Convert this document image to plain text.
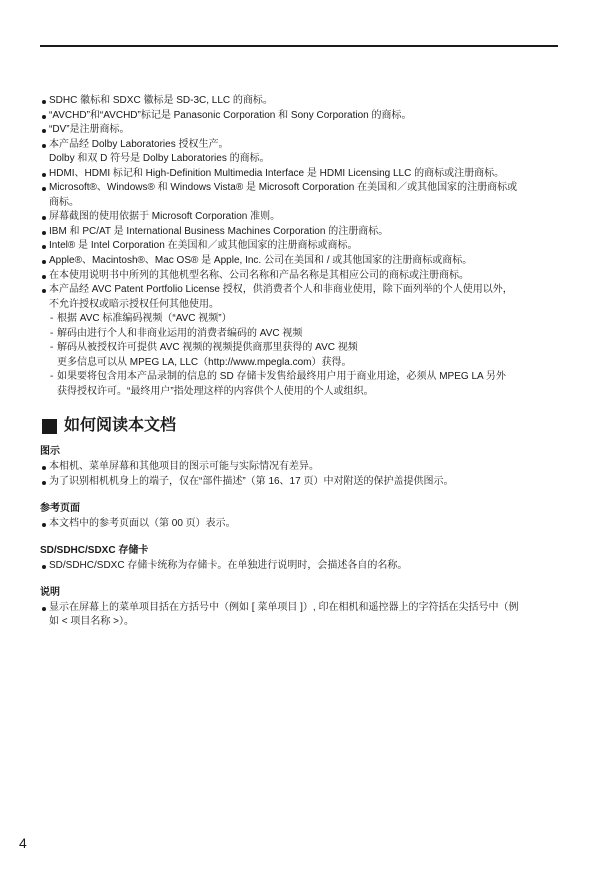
SDHC 徽标和 SDXC 徽标是 SD-3C, LLC 的商标。
“AVCHD”和“AVCHD”标记是 Panasonic Corporation 和 Sony Corporation 的商标。
“DV”是注册商标。
本产品经 Dolby Laboratories 授权生产。
Dolby 和双 D 符号是 Dolby Laboratories 的商标。
HDMI、HDMI 标记和 High-Definition Multimedia Interface 是 HDMI Licensing LLC 的商标或注册商标。
Microsoft®、Windows® 和 Windows Vista® 是 Microsoft Corporation 在美国和／或其他国家的注册商标或
商标。
屏幕截图的使用依据于 Microsoft Corporation 准则。
IBM 和 PC/AT 是 International Business Machines Corporation 的注册商标。
Intel® 是 Intel Corporation 在美国和／或其他国家的注册商标或商标。
Apple®、Macintosh®、Mac OS® 是 Apple, Inc. 公司在美国和 / 或其他国家的注册商标或商标。
在本使用说明书中所列的其他机型名称、公司名称和产品名称是其相应公司的商标或注册商标。
本产品经 AVC Patent Portfolio License 授权，供消费者个人和非商业使用，除下面列举的个人使用以外，
不允许授权或暗示授权任何其他使用。
- 根据 AVC 标准编码视频（“AVC 视频”）
- 解码由进行个人和非商业运用的消费者编码的 AVC 视频
- 解码从被授权许可提供 AVC 视频的视频提供商那里获得的 AVC 视频
更多信息可以从 MPEG LA, LLC（http://www.mpegla.com）获得。
- 如果要将包含用本产品录制的信息的 SD 存储卡发售给最终用户用于商业用途，必须从 MPEG LA 另外
获得授权许可。“最终用户”指处理这样的内容供个人使用的个人或组织。
如何阅读本文档
图示
本相机、菜单屏幕和其他项目的图示可能与实际情况有差异。
为了识别相机机身上的端子，仅在“部件描述”（第 16、17 页）中对附送的保护盖提供图示。
参考页面
本文档中的参考页面以（第 00 页）表示。
SD/SDHC/SDXC 存储卡
SD/SDHC/SDXC 存储卡统称为存储卡。在单独进行说明时，会描述各自的名称。
说明
显示在屏幕上的菜单项目括在方括号中（例如 [ 菜单项目 ]）, 印在相机和遥控器上的字符括在尖括号中（例
如 < 项目名称 >）。
4
